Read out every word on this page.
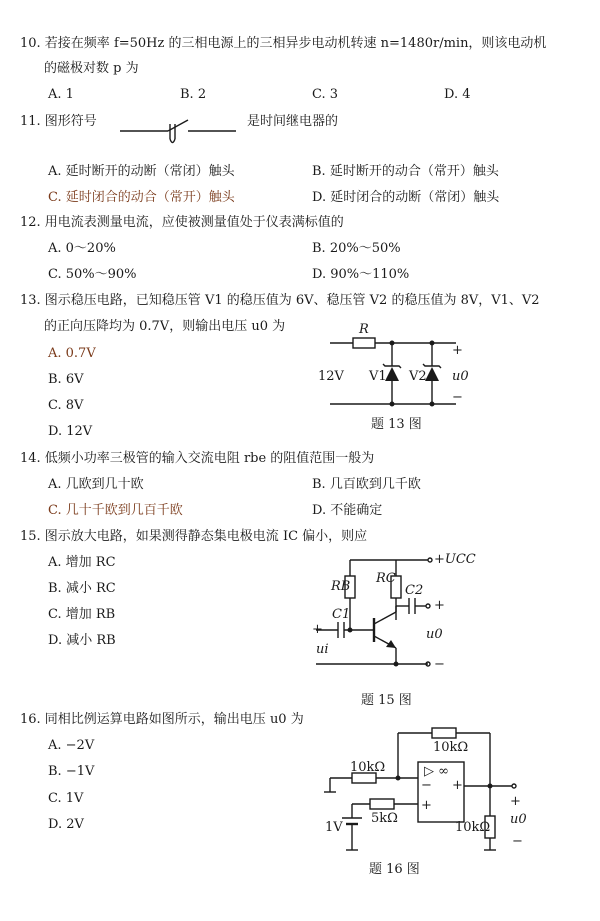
10. 若接在频率 f=50Hz 的三相电源上的三相异步电动机转速 n=1480r/min，则该电动机
的磁极对数 p 为
A. 1	B. 2	C. 3	D. 4
11. 图形符号	是时间继电器的
A. 延时断开的动断（常闭）触头	B. 延时断开的动合（常开）触头
C. 延时闭合的动合（常开）触头	D. 延时闭合的动断（常闭）触头
12. 用电流表测量电流，应使被测量值处于仪表满标值的
A. 0～20%	B. 20%～50%
C. 50%～90%	D. 90%～110%
13. 图示稳压电路，已知稳压管 V1 的稳压值为 6V、稳压管 V2 的稳压值为 8V，V1、V2
的正向压降均为 0.7V，则输出电压 u0 为
A. 0.7V
B. 6V
C. 8V
D. 12V
14. 低频小功率三极管的输入交流电阻 rbe 的阻值范围一般为
A. 几欧到几十欧	B. 几百欧到几千欧
C. 几十千欧到几百千欧	D. 不能确定
15. 图示放大电路，如果测得静态集电极电流 IC 偏小，则应
A. 增加 RC
B. 减小 RC
C. 增加 RB
D. 减小 RB
16. 同相比例运算电路如图所示，输出电压 u0 为
A. −2V
B. −1V
C. 1V
D. 2V
R
+
12V V1 V2 u0
−
题 13 图
+UCC
RB
RC
C2
C1
+
+	u0
ui
−
题 15 图
10kΩ
10kΩ	▷ ∞
− +
+	+
5kΩ	u0
1V	10kΩ
−
题 16 图
